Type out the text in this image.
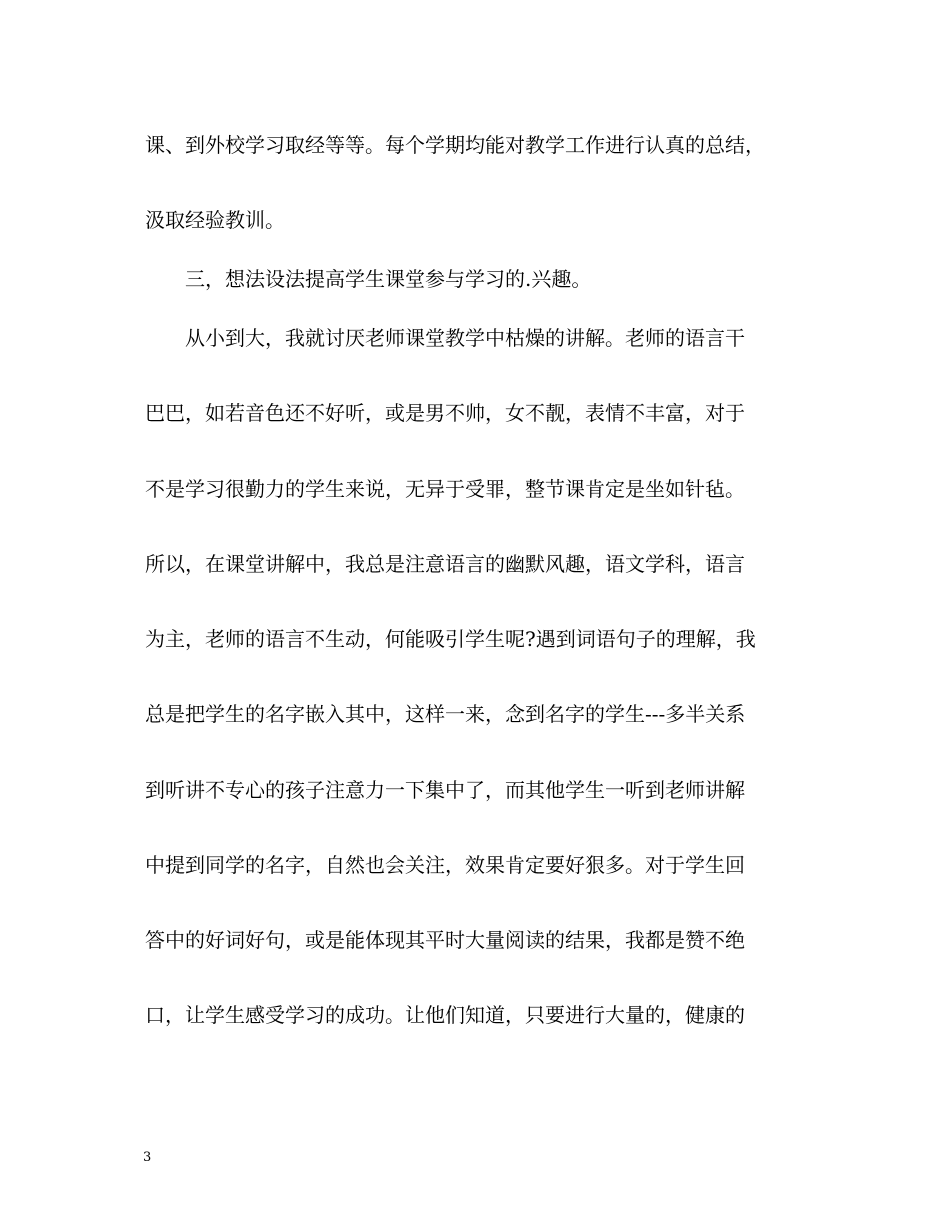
课、到外校学习取经等等。每个学期均能对教学工作进行认真的总结，
汲取经验教训。
三，想法设法提高学生课堂参与学习的.兴趣。
从小到大，我就讨厌老师课堂教学中枯燥的讲解。老师的语言干
巴巴，如若音色还不好听，或是男不帅，女不靓，表情不丰富，对于
不是学习很勤力的学生来说，无异于受罪，整节课肯定是坐如针毡。
所以，在课堂讲解中，我总是注意语言的幽默风趣，语文学科，语言
为主，老师的语言不生动，何能吸引学生呢?遇到词语句子的理解，我
总是把学生的名字嵌入其中，这样一来，念到名字的学生---多半关系
到听讲不专心的孩子注意力一下集中了，而其他学生一听到老师讲解
中提到同学的名字，自然也会关注，效果肯定要好狠多。对于学生回
答中的好词好句，或是能体现其平时大量阅读的结果，我都是赞不绝
口，让学生感受学习的成功。让他们知道，只要进行大量的，健康的
3
